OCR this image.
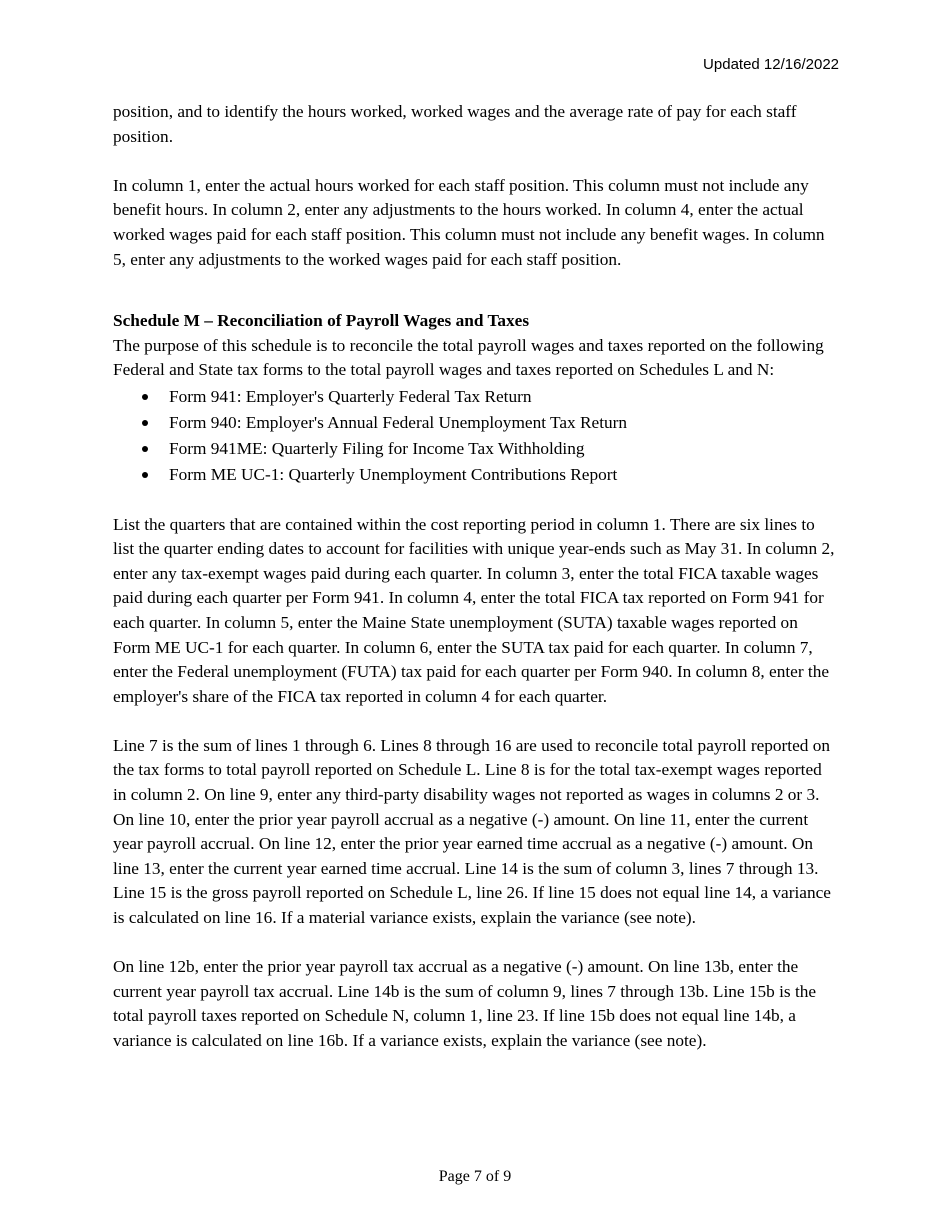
Updated 12/16/2022

position, and to identify the hours worked, worked wages and the average rate of pay for each staff position.

In column 1, enter the actual hours worked for each staff position. This column must not include any benefit hours. In column 2, enter any adjustments to the hours worked. In column 4, enter the actual worked wages paid for each staff position. This column must not include any benefit wages. In column 5, enter any adjustments to the worked wages paid for each staff position.

Schedule M – Reconciliation of Payroll Wages and Taxes

The purpose of this schedule is to reconcile the total payroll wages and taxes reported on the following Federal and State tax forms to the total payroll wages and taxes reported on Schedules L and N:

Form 941: Employer's Quarterly Federal Tax Return
Form 940: Employer's Annual Federal Unemployment Tax Return
Form 941ME: Quarterly Filing for Income Tax Withholding
Form ME UC-1: Quarterly Unemployment Contributions Report

List the quarters that are contained within the cost reporting period in column 1. There are six lines to list the quarter ending dates to account for facilities with unique year-ends such as May 31. In column 2, enter any tax-exempt wages paid during each quarter. In column 3, enter the total FICA taxable wages paid during each quarter per Form 941. In column 4, enter the total FICA tax reported on Form 941 for each quarter. In column 5, enter the Maine State unemployment (SUTA) taxable wages reported on Form ME UC-1 for each quarter. In column 6, enter the SUTA tax paid for each quarter. In column 7, enter the Federal unemployment (FUTA) tax paid for each quarter per Form 940. In column 8, enter the employer's share of the FICA tax reported in column 4 for each quarter.

Line 7 is the sum of lines 1 through 6. Lines 8 through 16 are used to reconcile total payroll reported on the tax forms to total payroll reported on Schedule L. Line 8 is for the total tax-exempt wages reported in column 2. On line 9, enter any third-party disability wages not reported as wages in columns 2 or 3. On line 10, enter the prior year payroll accrual as a negative (-) amount. On line 11, enter the current year payroll accrual. On line 12, enter the prior year earned time accrual as a negative (-) amount. On line 13, enter the current year earned time accrual. Line 14 is the sum of column 3, lines 7 through 13. Line 15 is the gross payroll reported on Schedule L, line 26. If line 15 does not equal line 14, a variance is calculated on line 16. If a material variance exists, explain the variance (see note).

On line 12b, enter the prior year payroll tax accrual as a negative (-) amount. On line 13b, enter the current year payroll tax accrual. Line 14b is the sum of column 9, lines 7 through 13b. Line 15b is the total payroll taxes reported on Schedule N, column 1, line 23. If line 15b does not equal line 14b, a variance is calculated on line 16b. If a variance exists, explain the variance (see note).

Page 7 of 9
